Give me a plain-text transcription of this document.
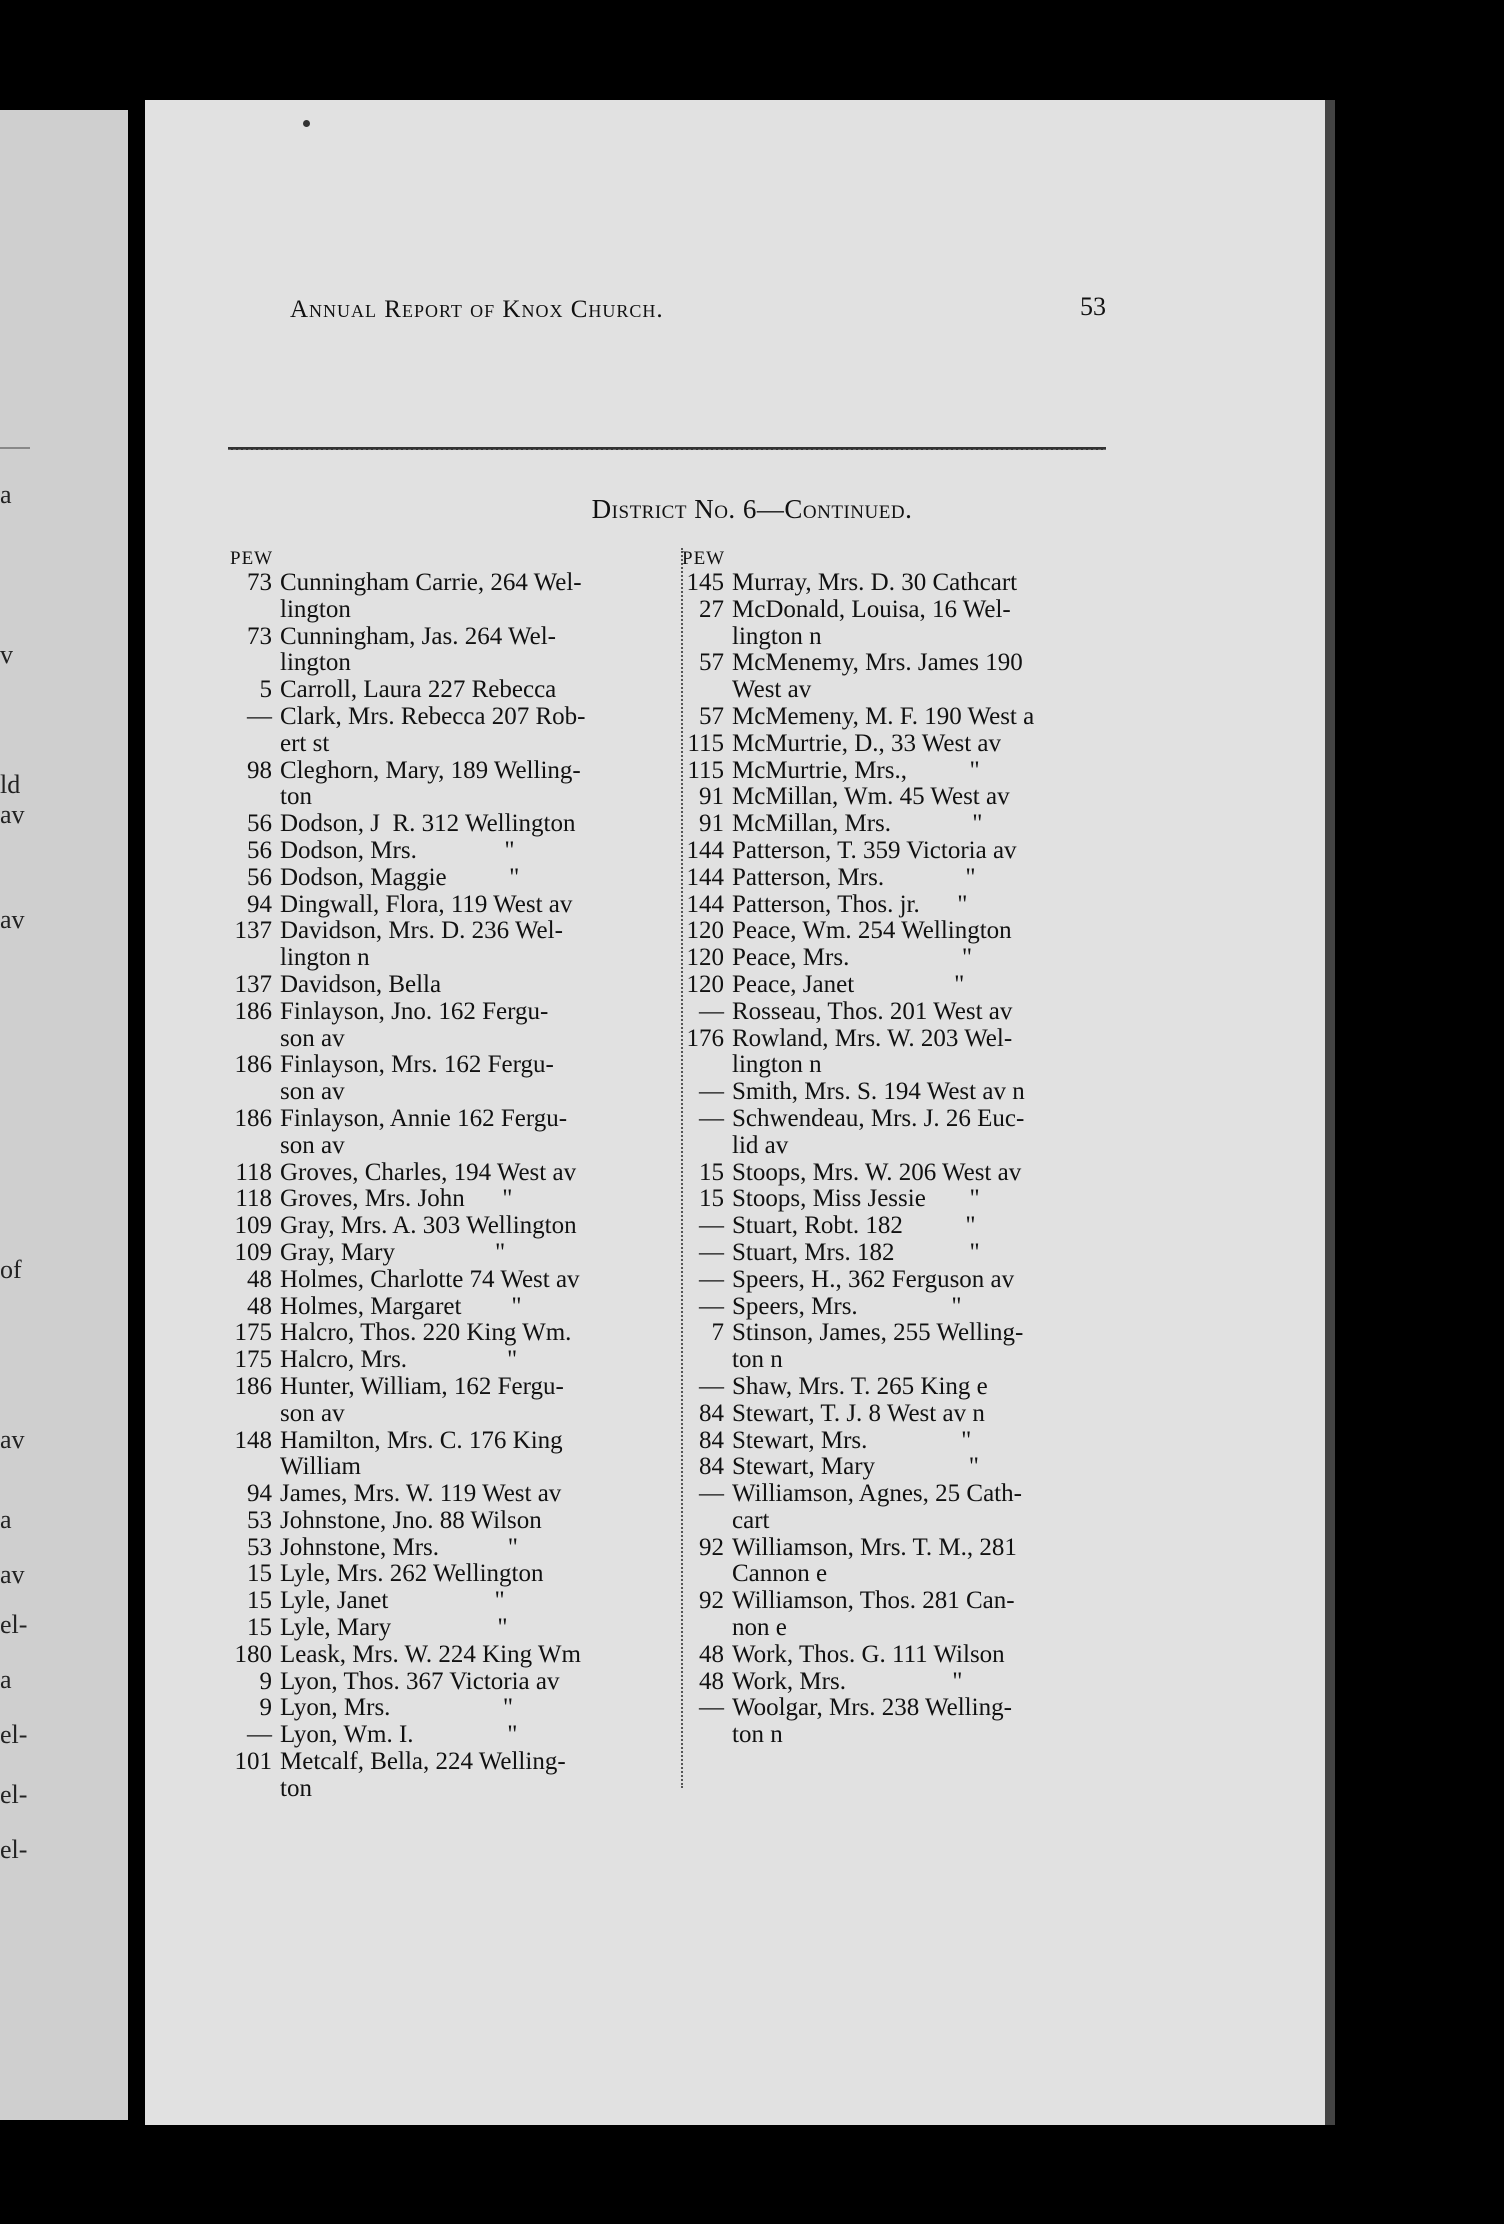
a
v
ld
av
av
of
av
a
av
el-
a
el-
el-
el-
Annual Report of Knox Church.	53
District No. 6—Continued.
PEW
73 Cunningham Carrie, 264 Wel-
lington
73 Cunningham, Jas. 264 Wel-
lington
5 Carroll, Laura 227 Rebecca
— Clark, Mrs. Rebecca 207 Rob-
ert st
98 Cleghorn, Mary, 189 Welling-
ton
56 Dodson, J  R. 312 Wellington
56 Dodson, Mrs.              "
56 Dodson, Maggie          "
94 Dingwall, Flora, 119 West av
137 Davidson, Mrs. D. 236 Wel-
lington n
137 Davidson, Bella
186 Finlayson, Jno. 162 Fergu-
son av
186 Finlayson, Mrs. 162 Fergu-
son av
186 Finlayson, Annie 162 Fergu-
son av
118 Groves, Charles, 194 West av
118 Groves, Mrs. John      "
109 Gray, Mrs. A. 303 Wellington
109 Gray, Mary                "
48 Holmes, Charlotte 74 West av
48 Holmes, Margaret        "
175 Halcro, Thos. 220 King Wm.
175 Halcro, Mrs.                "
186 Hunter, William, 162 Fergu-
son av
148 Hamilton, Mrs. C. 176 King
William
94 James, Mrs. W. 119 West av
53 Johnstone, Jno. 88 Wilson
53 Johnstone, Mrs.           "
15 Lyle, Mrs. 262 Wellington
15 Lyle, Janet                 "
15 Lyle, Mary                 "
180 Leask, Mrs. W. 224 King Wm
9 Lyon, Thos. 367 Victoria av
9 Lyon, Mrs.                  "
— Lyon, Wm. I.               "
101 Metcalf, Bella, 224 Welling-
ton
PEW
145 Murray, Mrs. D. 30 Cathcart
27 McDonald, Louisa, 16 Wel-
lington n
57 McMenemy, Mrs. James 190
West av
57 McMemeny, M. F. 190 West a
115 McMurtrie, D., 33 West av
115 McMurtrie, Mrs.,          "
91 McMillan, Wm. 45 West av
91 McMillan, Mrs.             "
144 Patterson, T. 359 Victoria av
144 Patterson, Mrs.             "
144 Patterson, Thos. jr.      "
120 Peace, Wm. 254 Wellington
120 Peace, Mrs.                  "
120 Peace, Janet                "
— Rosseau, Thos. 201 West av
176 Rowland, Mrs. W. 203 Wel-
lington n
— Smith, Mrs. S. 194 West av n
— Schwendeau, Mrs. J. 26 Euc-
lid av
15 Stoops, Mrs. W. 206 West av
15 Stoops, Miss Jessie       "
— Stuart, Robt. 182          "
— Stuart, Mrs. 182            "
— Speers, H., 362 Ferguson av
— Speers, Mrs.               "
7 Stinson, James, 255 Welling-
ton n
— Shaw, Mrs. T. 265 King e
84 Stewart, T. J. 8 West av n
84 Stewart, Mrs.               "
84 Stewart, Mary               "
— Williamson, Agnes, 25 Cath-
cart
92 Williamson, Mrs. T. M., 281
Cannon e
92 Williamson, Thos. 281 Can-
non e
48 Work, Thos. G. 111 Wilson
48 Work, Mrs.                 "
— Woolgar, Mrs. 238 Welling-
ton n
